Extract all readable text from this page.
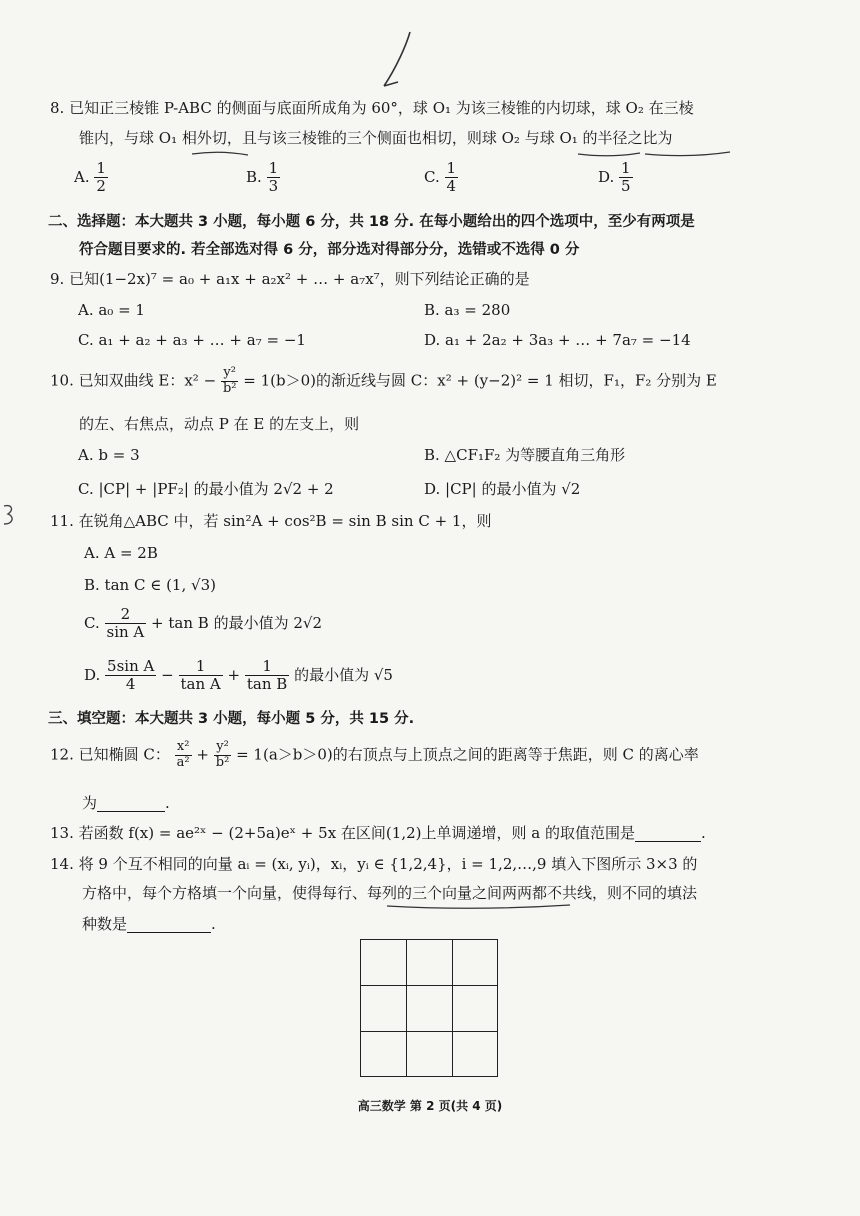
8. 已知正三棱锥 P-ABC 的侧面与底面所成角为 60°，球 O₁ 为该三棱锥的内切球，球 O₂ 在三棱
锥内，与球 O₁ 相外切，且与该三棱锥的三个侧面也相切，则球 O₂ 与球 O₁ 的半径之比为
A. $\frac{1}{2}$	B. $\frac{1}{3}$	C. $\frac{1}{4}$	D. $\frac{1}{5}$
二、选择题：本大题共 3 小题，每小题 6 分，共 18 分. 在每小题给出的四个选项中，至少有两项是
符合题目要求的. 若全部选对得 6 分，部分选对得部分分，选错或不选得 0 分
9. 已知(1−2x)⁷ = a₀ + a₁x + a₂x² + … + a₇x⁷，则下列结论正确的是
A. a₀ = 1	B. a₃ = 280
C. a₁ + a₂ + a₃ + … + a₇ = −1	D. a₁ + 2a₂ + 3a₃ + … + 7a₇ = −14
10. 已知双曲线 E：$x^2 - \frac{\text{y²}}{\text{b²}} = 1(b>0)$的渐近线与圆 C：x² + (y−2)² = 1 相切，F₁，F₂ 分别为 E
的左、右焦点，动点 P 在 E 的左支上，则
A. b = 3	B. △CF₁F₂ 为等腰直角三角形
C. |CP| + |PF₂| 的最小值为 2√2 + 2	D. |CP| 的最小值为 √2
11. 在锐角△ABC 中，若 sin²A + cos²B = sin B sin C + 1，则
A. A = 2B
B. tan C ∈ (1, √3)
C. $\frac{2}{\text{sin A}} + \tan B$ 的最小值为 2√2
D. $\frac{\text{5sin A}}{4} - \frac{1}{\text{tan A}} + \frac{1}{\text{tan B}}$ 的最小值为 √5
三、填空题：本大题共 3 小题，每小题 5 分，共 15 分.
12. 已知椭圆 C： $\frac{\text{x²}}{\text{a²}} + \frac{\text{y²}}{\text{b²}} = 1(a>b>0)$的右顶点与上顶点之间的距离等于焦距，则 C 的离心率
为	.
13. 若函数 f(x) = ae²ˣ − (2+5a)eˣ + 5x 在区间(1,2)上单调递增，则 a 的取值范围是	.
14. 将 9 个互不相同的向量 aᵢ = (xᵢ, yᵢ)，xᵢ，yᵢ ∈ {1,2,4}，i = 1,2,…,9 填入下图所示 3×3 的
方格中，每个方格填一个向量，使得每行、每列的三个向量之间两两都不共线，则不同的填法
种数是	.
高三数学 第 2 页(共 4 页)
